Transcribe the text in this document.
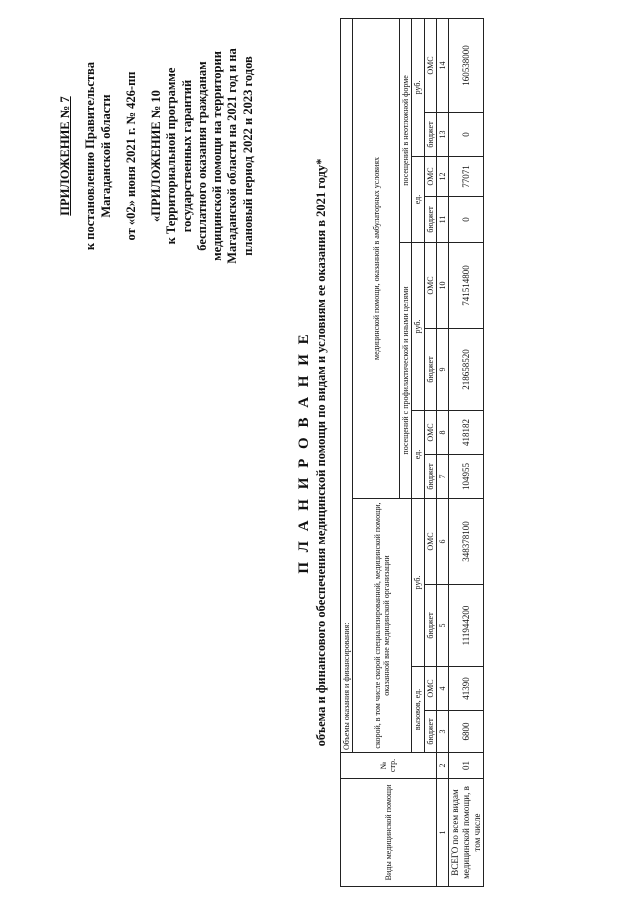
ПРИЛОЖЕНИЕ № 7 к постановлению Правительства Магаданской области от «02» июня 2021 г. № 426-пп «ПРИЛОЖЕНИЕ № 10 к Территориальной программе государственных гарантий бесплатного оказания гражданам медицинской помощи на территории Магаданской области на 2021 год и на плановый период 2022 и 2023 годов
П Л А Н И Р О В А Н И Е объема и финансового обеспечения медицинской помощи по видам и условиям ее оказания в 2021 году*
Виды медицинской помощи	№ стр.	Объемы оказания и финансирования:											
		скорой, в том числе скорой специализированной, медицинской помощи, оказанной вне медицинской организации				медицинской помощи, оказанной в амбулаторных условиях							
						посещений с профилактической и иными целями				посещений в неотложной форме			
		вызовов, ед.		руб.		ед.		руб.		ед.		руб.	
		бюджет	ОМС	бюджет	ОМС	бюджет	ОМС	бюджет	ОМС	бюджет	ОМС	бюджет	ОМС
1	2	3	4	5	6	7	8	9	10	11	12	13	14
ВСЕГО по всем видам медицинской помощи, в том числе	01	6800	41390	111944200	348378100	104955	418182	218658520	741514800	0	77071	0	160538000
